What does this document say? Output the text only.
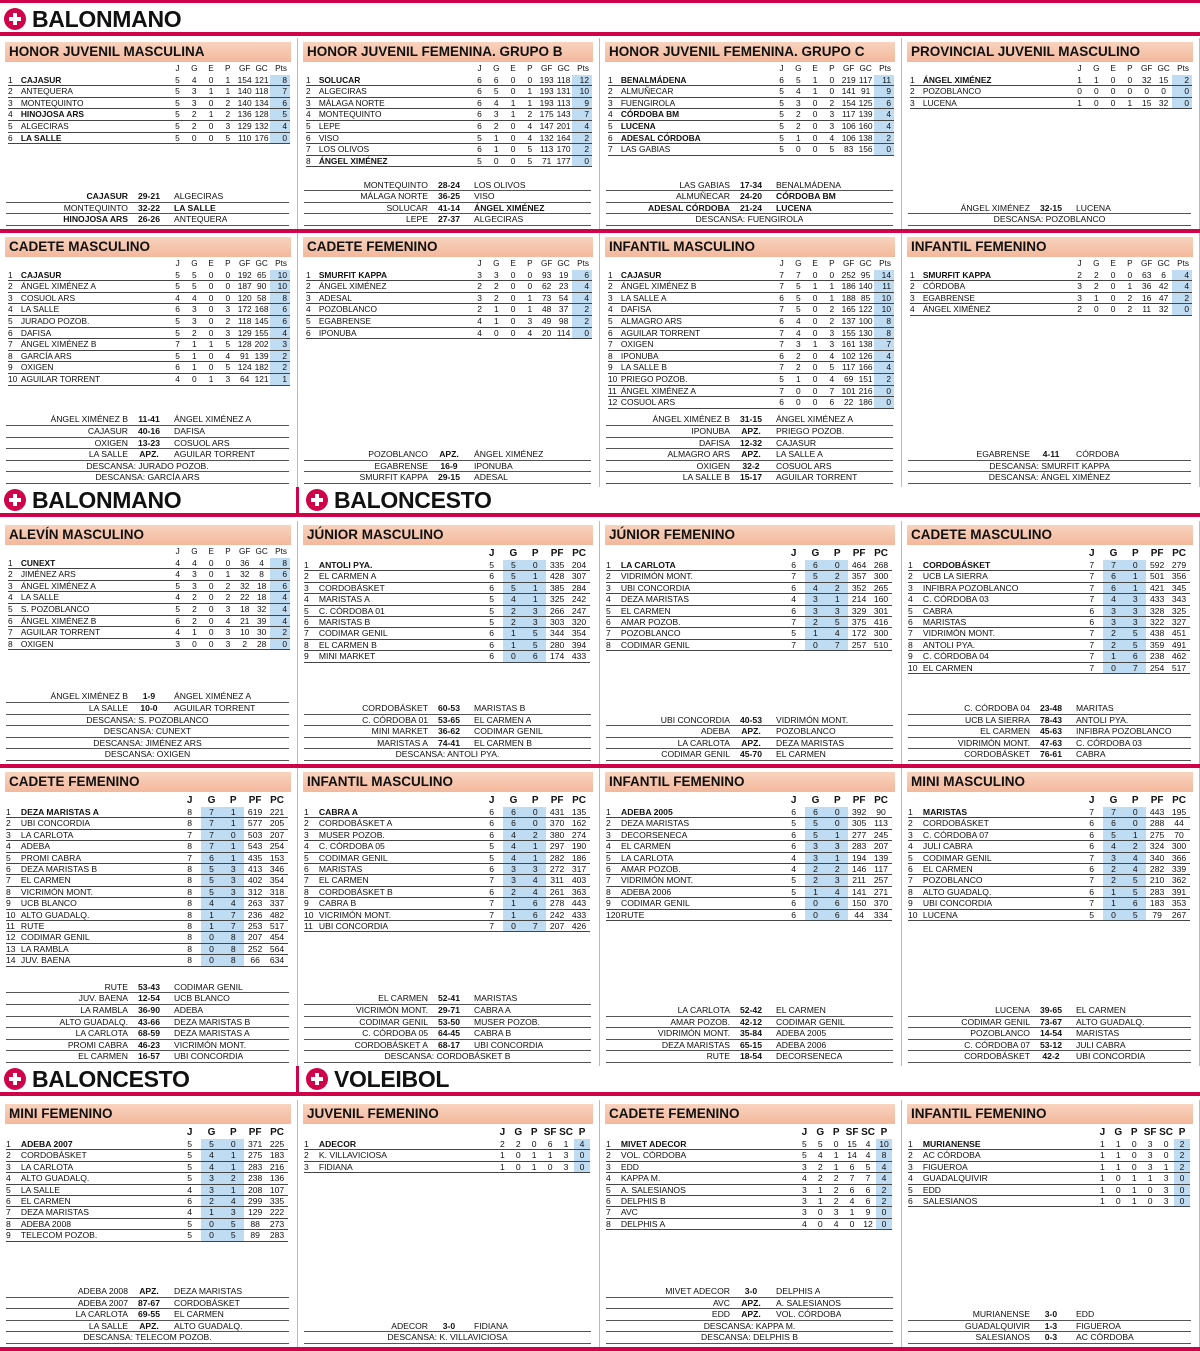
BALONMANO
BALONMANO	BALONCESTO
BALONCESTO	VOLEIBOL
HONOR JUVENIL MASCULINA
		J	G	E	P	GF	GC	Pts
1	CAJASUR	5	4	0	1	154	121	8
2	ANTEQUERA	5	3	1	1	140	118	7
3	MONTEQUINTO	5	3	0	2	140	134	6
4	HINOJOSA ARS	5	2	1	2	136	128	5
5	ALGECIRAS	5	2	0	3	129	132	4
6	LA SALLE	5	0	0	5	110	176	0
CAJASUR	29-21	ALGECIRAS
MONTEQUINTO	32-22	LA SALLE
HINOJOSA ARS	26-26	ANTEQUERA
HONOR JUVENIL FEMENINA. GRUPO B
		J	G	E	P	GF	GC	Pts
1	SOLUCAR	6	6	0	0	193	118	12
2	ALGECIRAS	6	5	0	1	193	131	10
3	MÁLAGA NORTE	6	4	1	1	193	113	9
4	MONTEQUINTO	6	3	1	2	175	143	7
5	LEPE	6	2	0	4	147	201	4
6	VISO	5	1	0	4	132	164	2
7	LOS OLIVOS	6	1	0	5	113	170	2
8	ÁNGEL XIMÉNEZ	5	0	0	5	71	177	0
MONTEQUINTO	28-24	LOS OLIVOS
MÁLAGA NORTE	36-25	VISO
SOLUCAR	41-14	ÁNGEL XIMÉNEZ
LEPE	27-37	ALGECIRAS
HONOR JUVENIL FEMENINA. GRUPO C
		J	G	E	P	GF	GC	Pts
1	BENALMÁDENA	6	5	1	0	219	117	11
2	ALMUÑECAR	5	4	1	0	141	91	9
3	FUENGIROLA	5	3	0	2	154	125	6
4	CÓRDOBA BM	5	2	0	3	117	139	4
5	LUCENA	5	2	0	3	106	160	4
6	ADESAL CÓRDOBA	5	1	0	4	106	138	2
7	LAS GABIAS	5	0	0	5	83	156	0
LAS GABIAS	17-34	BENALMÁDENA
ALMUÑECAR	24-20	CÓRDOBA BM
ADESAL CÓRDOBA	21-24	LUCENA
DESCANSA: FUENGIROLA
PROVINCIAL JUVENIL MASCULINO
		J	G	E	P	GF	GC	Pts
1	ÁNGEL XIMÉNEZ	1	1	0	0	32	15	2
2	POZOBLANCO	0	0	0	0	0	0	0
3	LUCENA	1	0	0	1	15	32	0
ÁNGEL XIMÉNEZ	32-15	LUCENA
DESCANSA: POZOBLANCO
CADETE MASCULINO
		J	G	E	P	GF	GC	Pts
1	CAJASUR	5	5	0	0	192	65	10
2	ÁNGEL XIMÉNEZ A	5	5	0	0	187	90	10
3	COSUOL ARS	4	4	0	0	120	58	8
4	LA SALLE	6	3	0	3	172	168	6
5	JURADO POZOB.	5	3	0	2	118	145	6
6	DAFISA	5	2	0	3	129	155	4
7	ÁNGEL XIMÉNEZ B	7	1	1	5	128	202	3
8	GARCÍA ARS	5	1	0	4	91	139	2
9	OXIGEN	6	1	0	5	124	182	2
10	AGUILAR TORRENT	4	0	1	3	64	121	1
ÁNGEL XIMÉNEZ B	11-41	ÁNGEL XIMÉNEZ A
CAJASUR	40-16	DAFISA
OXIGEN	13-23	COSUOL ARS
LA SALLE	APZ.	AGUILAR TORRENT
DESCANSA: JURADO POZOB.
DESCANSA: GARCÍA ARS
CADETE FEMENINO
		J	G	E	P	GF	GC	Pts
1	SMURFIT KAPPA	3	3	0	0	93	19	6
2	ÁNGEL XIMÉNEZ	2	2	0	0	62	23	4
3	ADESAL	3	2	0	1	73	54	4
4	POZOBLANCO	2	1	0	1	48	37	2
5	EGABRENSE	4	1	0	3	49	98	2
6	IPONUBA	4	0	0	4	20	114	0
POZOBLANCO	APZ.	ÁNGEL XIMÉNEZ
EGABRENSE	16-9	IPONUBA
SMURFIT KAPPA	29-15	ADESAL
INFANTIL MASCULINO
		J	G	E	P	GF	GC	Pts
1	CAJASUR	7	7	0	0	252	95	14
2	ÁNGEL XIMÉNEZ B	7	5	1	1	186	140	11
3	LA SALLE A	6	5	0	1	188	85	10
4	DAFISA	7	5	0	2	165	122	10
5	ALMAGRO ARS	6	4	0	2	137	100	8
6	AGUILAR TORRENT	7	4	0	3	155	130	8
7	OXIGEN	7	3	1	3	161	138	7
8	IPONUBA	6	2	0	4	102	126	4
9	LA SALLE B	7	2	0	5	117	166	4
10	PRIEGO POZOB.	5	1	0	4	69	151	2
11	ÁNGEL XIMÉNEZ A	7	0	0	7	101	216	0
12	COSUOL ARS	6	0	0	6	22	186	0
ÁNGEL XIMÉNEZ B	31-15	ÁNGEL XIMÉNEZ A
IPONUBA	APZ.	PRIEGO POZOB.
DAFISA	12-32	CAJASUR
ALMAGRO ARS	APZ.	LA SALLE A
OXIGEN	32-2	COSUOL ARS
LA SALLE B	15-17	AGUILAR TORRENT
INFANTIL FEMENINO
		J	G	E	P	GF	GC	Pts
1	SMURFIT KAPPA	2	2	0	0	63	6	4
2	CÓRDOBA	3	2	0	1	36	42	4
3	EGABRENSE	3	1	0	2	16	47	2
4	ÁNGEL XIMÉNEZ	2	0	0	2	11	32	0
EGABRENSE	4-11	CÓRDOBA
DESCANSA: SMURFIT KAPPA
DESCANSA: ÁNGEL XIMÉNEZ
ALEVÍN MASCULINO
		J	G	E	P	GF	GC	Pts
1	CUNEXT	4	4	0	0	36	4	8
2	JIMÉNEZ ARS	4	3	0	1	32	8	6
3	ÁNGEL XIMÉNEZ A	5	3	0	2	32	18	6
4	LA SALLE	4	2	0	2	22	18	4
5	S. POZOBLANCO	5	2	0	3	18	32	4
6	ÁNGEL XIMÉNEZ B	6	2	0	4	21	39	4
7	AGUILAR TORRENT	4	1	0	3	10	30	2
8	OXIGEN	3	0	0	3	2	28	0
ÁNGEL XIMÉNEZ B	1-9	ÁNGEL XIMÉNEZ A
LA SALLE	10-0	AGUILAR TORRENT
DESCANSA: S. POZOBLANCO
DESCANSA: CUNEXT
DESCANSA: JIMÉNEZ ARS
DESCANSA: OXIGEN
JÚNIOR MASCULINO
		J	G	P	PF	PC
1	ANTOLI PYA.	5	5	0	335	204
2	EL CARMEN A	6	5	1	428	307
3	CORDOBÁSKET	6	5	1	385	284
4	MARISTAS A	5	4	1	325	242
5	C. CÓRDOBA 01	5	2	3	266	247
6	MARISTAS B	5	2	3	303	320
7	CODIMAR GENIL	6	1	5	344	354
8	EL CARMEN B	6	1	5	280	394
9	MINI MARKET	6	0	6	174	433
CORDOBÁSKET	60-53	MARISTAS B
C. CÓRDOBA 01	53-65	EL CARMEN A
MINI MARKET	36-62	CODIMAR GENIL
MARISTAS A	74-41	EL CARMEN B
DESCANSA: ANTOLI PYA.
JÚNIOR FEMENINO
		J	G	P	PF	PC
1	LA CARLOTA	6	6	0	464	268
2	VIDRIMÓN MONT.	7	5	2	357	300
3	UBI CONCORDIA	6	4	2	352	265
4	DEZA MARISTAS	4	3	1	214	160
5	EL CARMEN	6	3	3	329	301
6	AMAR POZOB.	7	2	5	375	416
7	POZOBLANCO	5	1	4	172	300
8	CODIMAR GENIL	7	0	7	257	510
UBI CONCORDIA	40-53	VIDRIMÓN MONT.
ADEBA	APZ.	POZOBLANCO
LA CARLOTA	APZ.	DEZA MARISTAS
CODIMAR GENIL	45-70	EL CARMEN
CADETE MASCULINO
		J	G	P	PF	PC
1	CORDOBÁSKET	7	7	0	592	279
2	UCB LA SIERRA	7	6	1	501	356
3	INFIBRA POZOBLANCO	7	6	1	421	345
4	C. CÓRDOBA 03	7	4	3	433	343
5	CABRA	6	3	3	328	325
6	MARISTAS	6	3	3	322	327
7	VIDRIMÓN MONT.	7	2	5	438	451
8	ANTOLI PYA.	7	2	5	359	491
9	C. CÓRDOBA 04	7	1	6	238	462
10	EL CARMEN	7	0	7	254	517
C. CÓRDOBA 04	23-48	MARITAS
UCB LA SIERRA	78-43	ANTOLI PYA.
EL CARMEN	45-63	INFIBRA POZOBLANCO
VIDRIMÓN MONT.	47-63	C. CÓRDOBA 03
CORDOBÁSKET	76-61	CABRA
CADETE FEMENINO
		J	G	P	PF	PC
1	DEZA MARISTAS A	8	7	1	619	221
2	UBI CONCORDIA	8	7	1	577	205
3	LA CARLOTA	7	7	0	503	207
4	ADEBA	8	7	1	543	254
5	PROMI CABRA	7	6	1	435	153
6	DEZA MARISTAS B	8	5	3	413	346
7	EL CARMEN	8	5	3	402	354
8	VICRIMÓN MONT.	8	5	3	312	318
9	UCB BLANCO	8	4	4	263	337
10	ALTO GUADALQ.	8	1	7	236	482
11	RUTE	8	1	7	253	517
12	CODIMAR GENIL	8	0	8	207	454
13	LA RAMBLA	8	0	8	252	564
14	JUV. BAENA	8	0	8	66	634
RUTE	53-43	CODIMAR GENIL
JUV. BAENA	12-54	UCB BLANCO
LA RAMBLA	36-90	ADEBA
ALTO GUADALQ.	43-66	DEZA MARISTAS B
LA CARLOTA	68-59	DEZA MARISTAS A
PROMI CABRA	46-23	VICRIMÓN MONT.
EL CARMEN	16-57	UBI CONCORDIA
INFANTIL MASCULINO
		J	G	P	PF	PC
1	CABRA A	6	6	0	431	135
2	CORDOBÁSKET A	6	6	0	370	162
3	MUSER POZOB.	6	4	2	380	274
4	C. CÓRDOBA 05	5	4	1	297	190
5	CODIMAR GENIL	5	4	1	282	186
6	MARISTAS	6	3	3	272	317
7	EL CARMEN	7	3	4	311	403
8	CORDOBÁSKET B	6	2	4	261	363
9	CABRA B	7	1	6	278	443
10	VICRIMÓN MONT.	7	1	6	242	433
11	UBI CONCORDIA	7	0	7	207	426
EL CARMEN	52-41	MARISTAS
VICRIMÓN MONT.	29-71	CABRA A
CODIMAR GENIL	53-50	MUSER POZOB.
C. CÓRDOBA 05	64-45	CABRA B
CORDOBÁSKET A	68-17	UBI CONCORDIA
DESCANSA: CORDOBÁSKET B
INFANTIL FEMENINO
		J	G	P	PF	PC
1	ADEBA 2005	6	6	0	392	90
2	DEZA MARISTAS	5	5	0	305	113
3	DECORSENECA	6	5	1	277	245
4	EL CARMEN	6	3	3	283	207
5	LA CARLOTA	4	3	1	194	139
6	AMAR POZOB.	4	2	2	146	117
7	VIDRIMÓN MONT.	5	2	3	211	257
8	ADEBA 2006	5	1	4	141	271
9	CODIMAR GENIL	6	0	6	150	370
120	RUTE	6	0	6	44	334
LA CARLOTA	52-42	EL CARMEN
AMAR POZOB.	42-12	CODIMAR GENIL
VIDRIMÓN MONT.	35-84	ADEBA 2005
DEZA MARISTAS	65-15	ADEBA 2006
RUTE	18-54	DECORSENECA
MINI MASCULINO
		J	G	P	PF	PC
1	MARISTAS	7	7	0	443	195
2	CORDOBÁSKET	6	6	0	288	44
3	C. CÓRDOBA 07	6	5	1	275	70
4	JULI CABRA	6	4	2	324	300
5	CODIMAR GENIL	7	3	4	340	366
6	EL CARMEN	6	2	4	282	339
7	POZOBLANCO	7	2	5	210	362
8	ALTO GUADALQ.	6	1	5	283	391
9	UBI CONCORDIA	7	1	6	183	353
10	LUCENA	5	0	5	79	267
LUCENA	39-65	EL CARMEN
CODIMAR GENIL	73-67	ALTO GUADALQ.
POZOBLANCO	14-54	MARISTAS
C. CÓRDOBA 07	53-12	JULI CABRA
CORDOBÁSKET	42-2	UBI CONCORDIA
MINI FEMENINO
		J	G	P	PF	PC
1	ADEBA 2007	5	5	0	371	225
2	CORDOBÁSKET	5	4	1	275	183
3	LA CARLOTA	5	4	1	283	216
4	ALTO GUADALQ.	5	3	2	238	136
5	LA SALLE	4	3	1	208	107
6	EL CARMEN	6	2	4	299	335
7	DEZA MARISTAS	4	1	3	129	222
8	ADEBA 2008	5	0	5	88	273
9	TELECOM POZOB.	5	0	5	89	283
ADEBA 2008	APZ.	DEZA MARISTAS
ADEBA 2007	87-67	CORDOBÁSKET
LA CARLOTA	69-55	EL CARMEN
LA SALLE	APZ.	ALTO GUADALQ.
DESCANSA: TELECOM POZOB.
JUVENIL FEMENINO
		J	G	P	SF	SC	P
1	ADECOR	2	2	0	6	1	4
2	K. VILLAVICIOSA	1	0	1	1	3	0
3	FIDIANA	1	0	1	0	3	0
ADECOR	3-0	FIDIANA
DESCANSA: K. VILLAVICIOSA
CADETE FEMENINO
		J	G	P	SF	SC	P
1	MIVET ADECOR	5	5	0	15	4	10
2	VOL. CÓRDOBA	5	4	1	14	4	8
3	EDD	3	2	1	6	5	4
4	KAPPA M.	4	2	2	7	7	4
5	A. SALESIANOS	3	1	2	6	6	2
6	DELPHIS B	3	1	2	4	6	2
7	AVC	3	0	3	1	9	0
8	DELPHIS A	4	0	4	0	12	0
MIVET ADECOR	3-0	DELPHIS A
AVC	APZ.	A. SALESIANOS
EDD	APZ.	VOL. CÓRDOBA
DESCANSA: KAPPA M.
DESCANSA: DELPHIS B
INFANTIL FEMENINO
		J	G	P	SF	SC	P
1	MURIANENSE	1	1	0	3	0	2
2	AC CÓRDOBA	1	1	0	3	0	2
3	FIGUEROA	1	1	0	3	1	2
4	GUADALQUIVIR	1	0	1	1	3	0
5	EDD	1	0	1	0	3	0
6	SALESIANOS	1	0	1	0	3	0
MURIANENSE	3-0	EDD
GUADALQUIVIR	1-3	FIGUEROA
SALESIANOS	0-3	AC CÓRDOBA
